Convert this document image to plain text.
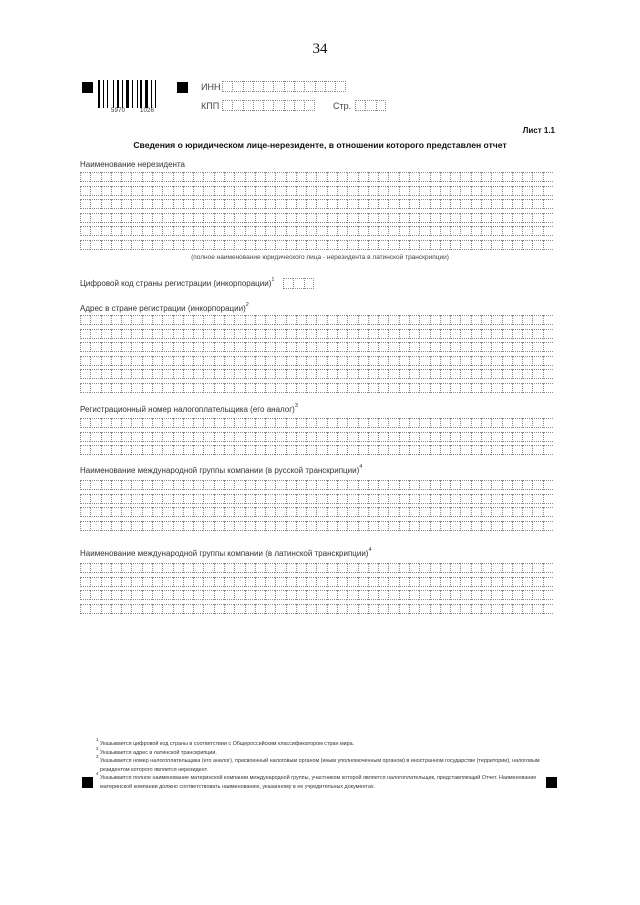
34
5970 1026
ИНН
КПП	Стр.
Лист 1.1
Сведения о юридическом лице-нерезиденте, в отношении которого представлен отчет
Наименование нерезидента
(полное наименование юридического лица - нерезидента в латинской транскрипции)
Цифровой код страны регистрации (инкорпорации)$^1$
Адрес в стране регистрации (инкорпорации)$^2$
Регистрационный номер налогоплательщика (его аналог)$^3$
Наименование международной группы компании (в русской транскрипции)$^4$
Наименование международной группы компании (в латинской транскрипции)$^4$
1
Указывается цифровой код страны в соответствии с Общероссийским классификатором стран мира.
2
Указывается адрес в латинской транскрипции.
3
Указывается номер налогоплательщика (его аналог), присвоенный налоговым органом (иным уполномоченным органом) в иностранном государстве (территории), налоговым резидентом которого является нерезидент.
4
Указывается полное наименование материнской компании международной группы, участником которой является налогоплательщик, представляющий Отчет. Наименование материнской компании должно соответствовать наименованию, указанному в ее учредительных документах.
